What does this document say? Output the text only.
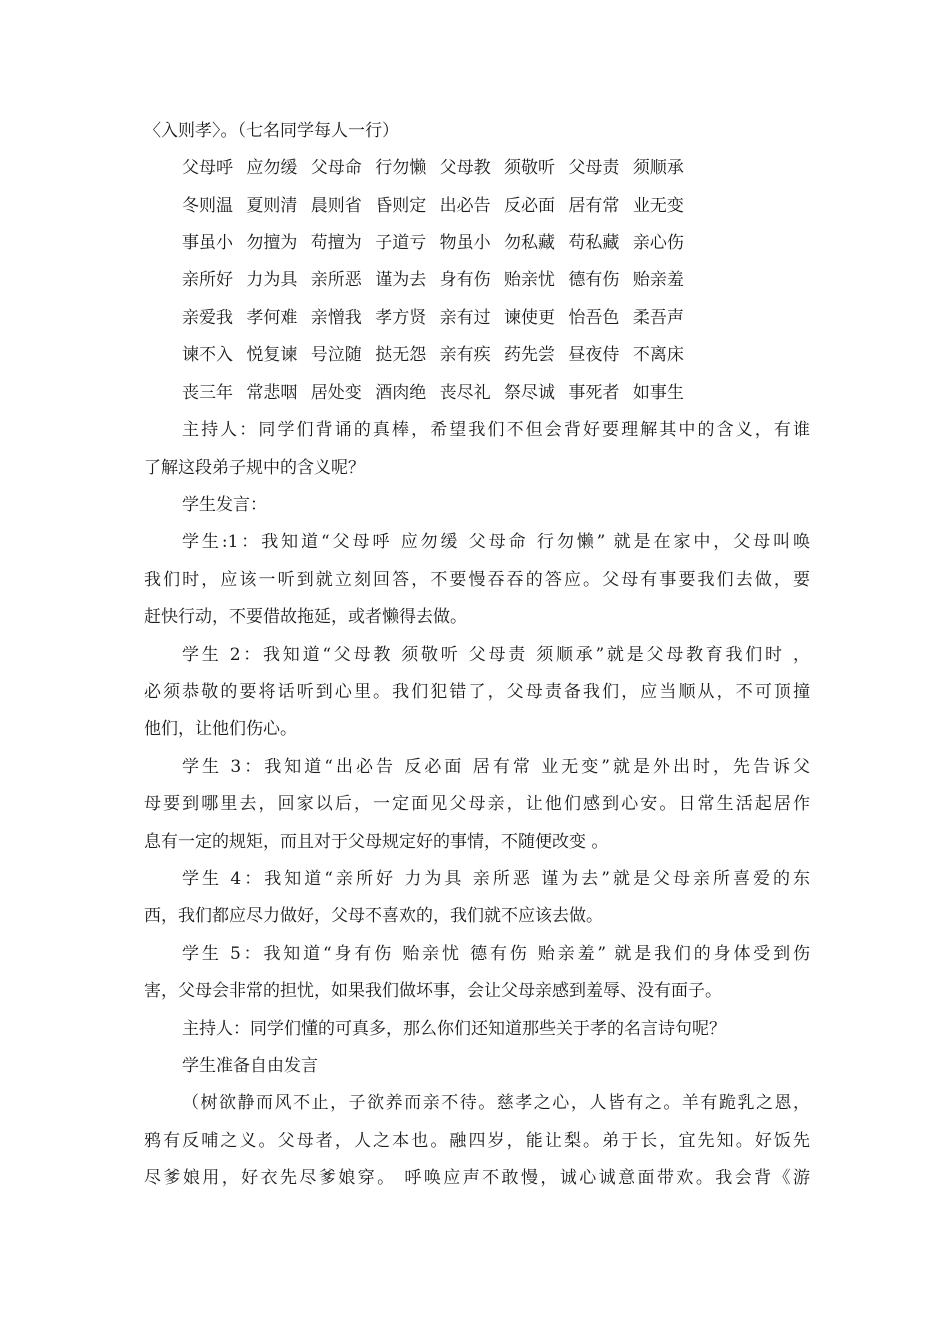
〈入则孝〉。（七名同学每人一行）
父母呼 应勿缓 父母命 行勿懒 父母教 须敬听 父母责 须顺承
冬则温 夏则清 晨则省 昏则定 出必告 反必面 居有常 业无变
事虽小 勿擅为 苟擅为 子道亏 物虽小 勿私藏 苟私藏 亲心伤
亲所好 力为具 亲所恶 谨为去 身有伤 贻亲忧 德有伤 贻亲羞
亲爱我 孝何难 亲憎我 孝方贤 亲有过 谏使更 怡吾色 柔吾声
谏不入 悦复谏 号泣随 挞无怨 亲有疾 药先尝 昼夜侍 不离床
丧三年 常悲咽 居处变 酒肉绝 丧尽礼 祭尽诚 事死者 如事生
主持人：同学们背诵的真棒，希望我们不但会背好要理解其中的含义，有谁
了解这段弟子规中的含义呢？
学生发言：
学生:1：我知道“父母呼 应勿缓 父母命 行勿懒” 就是在家中，父母叫唤
我们时，应该一听到就立刻回答，不要慢吞吞的答应。父母有事要我们去做，要
赶快行动，不要借故拖延，或者懒得去做。
学生 2：我知道“父母教 须敬听 父母责 须顺承”就是父母教育我们时 ，
必须恭敬的要将话听到心里。我们犯错了，父母责备我们，应当顺从，不可顶撞
他们，让他们伤心。
学生 3：我知道“出必告 反必面 居有常 业无变”就是外出时，先告诉父
母要到哪里去，回家以后，一定面见父母亲，让他们感到心安。日常生活起居作
息有一定的规矩，而且对于父母规定好的事情，不随便改变 。
学生 4：我知道“亲所好 力为具 亲所恶 谨为去”就是父母亲所喜爱的东
西，我们都应尽力做好，父母不喜欢的，我们就不应该去做。
学生 5：我知道“身有伤 贻亲忧 德有伤 贻亲羞” 就是我们的身体受到伤
害，父母会非常的担忧，如果我们做坏事，会让父母亲感到羞辱、没有面子。
主持人：同学们懂的可真多，那么你们还知道那些关于孝的名言诗句呢？
学生准备自由发言
（树欲静而风不止，子欲养而亲不待。慈孝之心，人皆有之。羊有跪乳之恩，
鸦有反哺之义。父母者，人之本也。融四岁，能让梨。弟于长，宜先知。好饭先
尽爹娘用，好衣先尽爹娘穿。 呼唤应声不敢慢，诚心诚意面带欢。我会背《游
